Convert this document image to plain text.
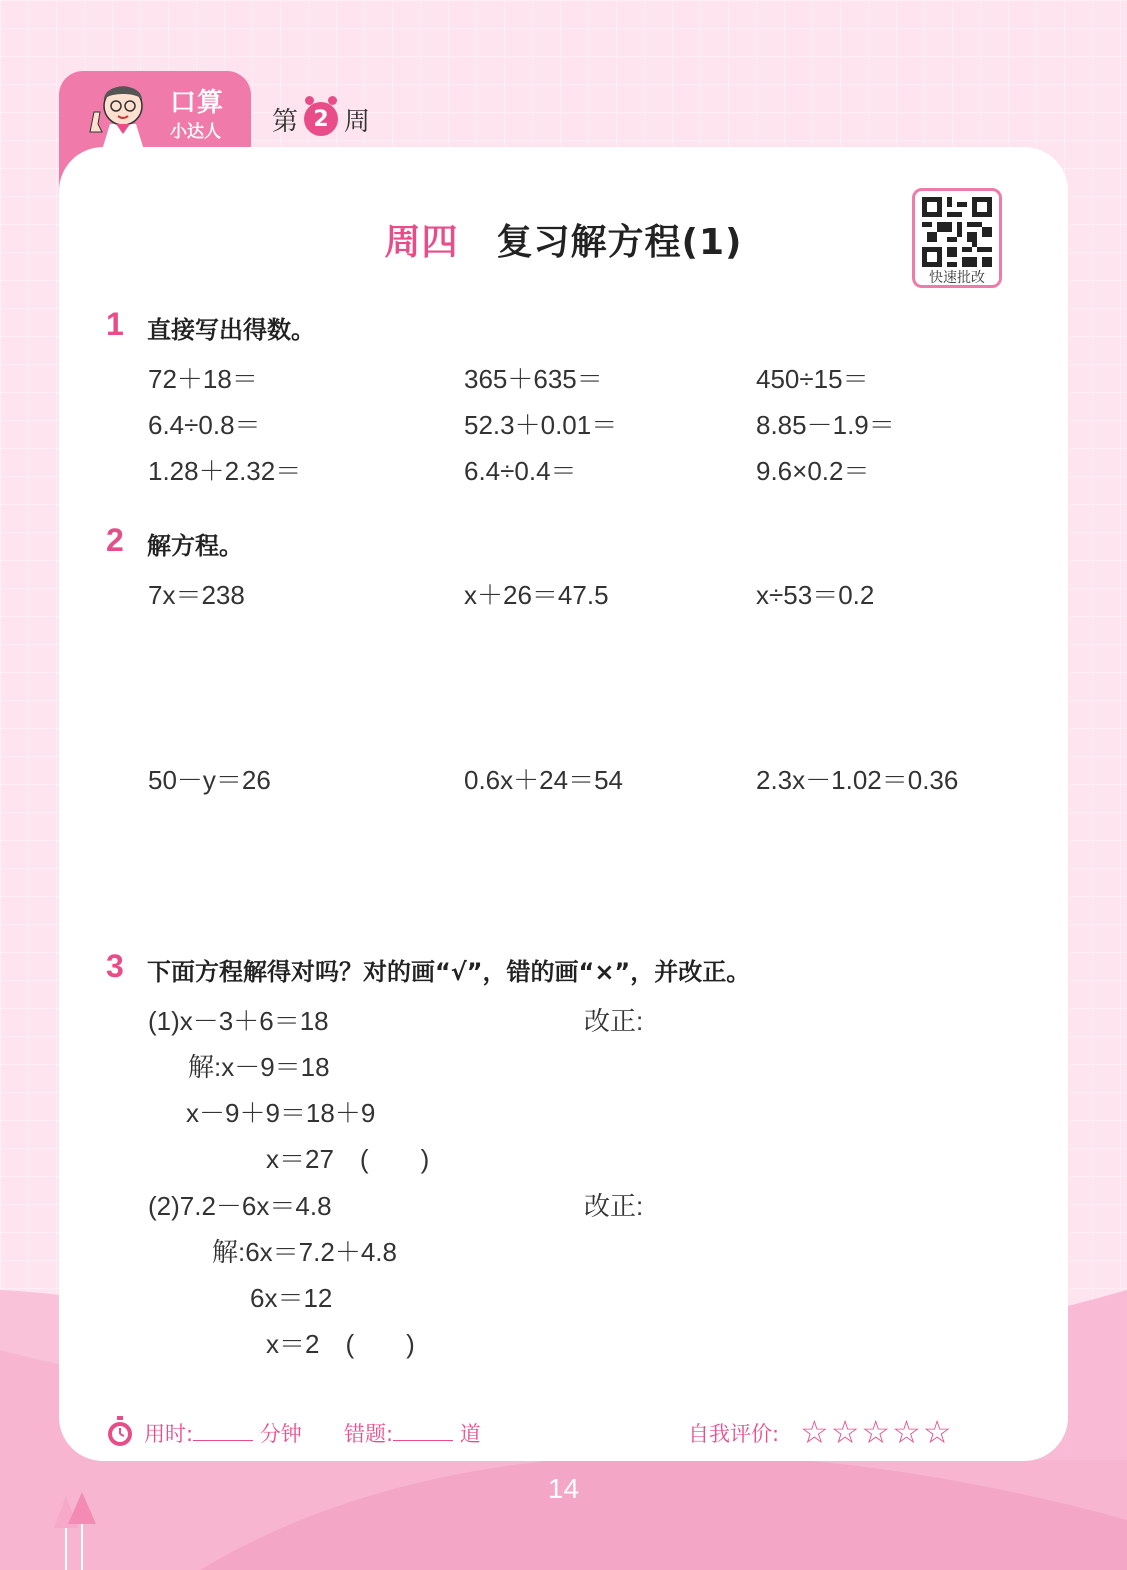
口算
小达人 第 2 周
周四 复习解方程(1)
快速批改
1 直接写出得数。
72＋18＝	365＋635＝	450÷15＝
6.4÷0.8＝	52.3＋0.01＝	8.85－1.9＝
1.28＋2.32＝	6.4÷0.4＝	9.6×0.2＝
2 解方程。
7x＝238	x＋26＝47.5	x÷53＝0.2
50－y＝26	0.6x＋24＝54	2.3x－1.02＝0.36
3 下面方程解得对吗？对的画“√”，错的画“×”，并改正。
(1)x－3＋6＝18
解:x－9＝18
x－9＋9＝18＋9
x＝27　(　　)
改正:
(2)7.2－6x＝4.8
解:6x＝7.2＋4.8
6x＝12
x＝2　(　　)
改正:
用时:	分钟 错题:	道	自我评价: ☆☆☆☆☆
14
